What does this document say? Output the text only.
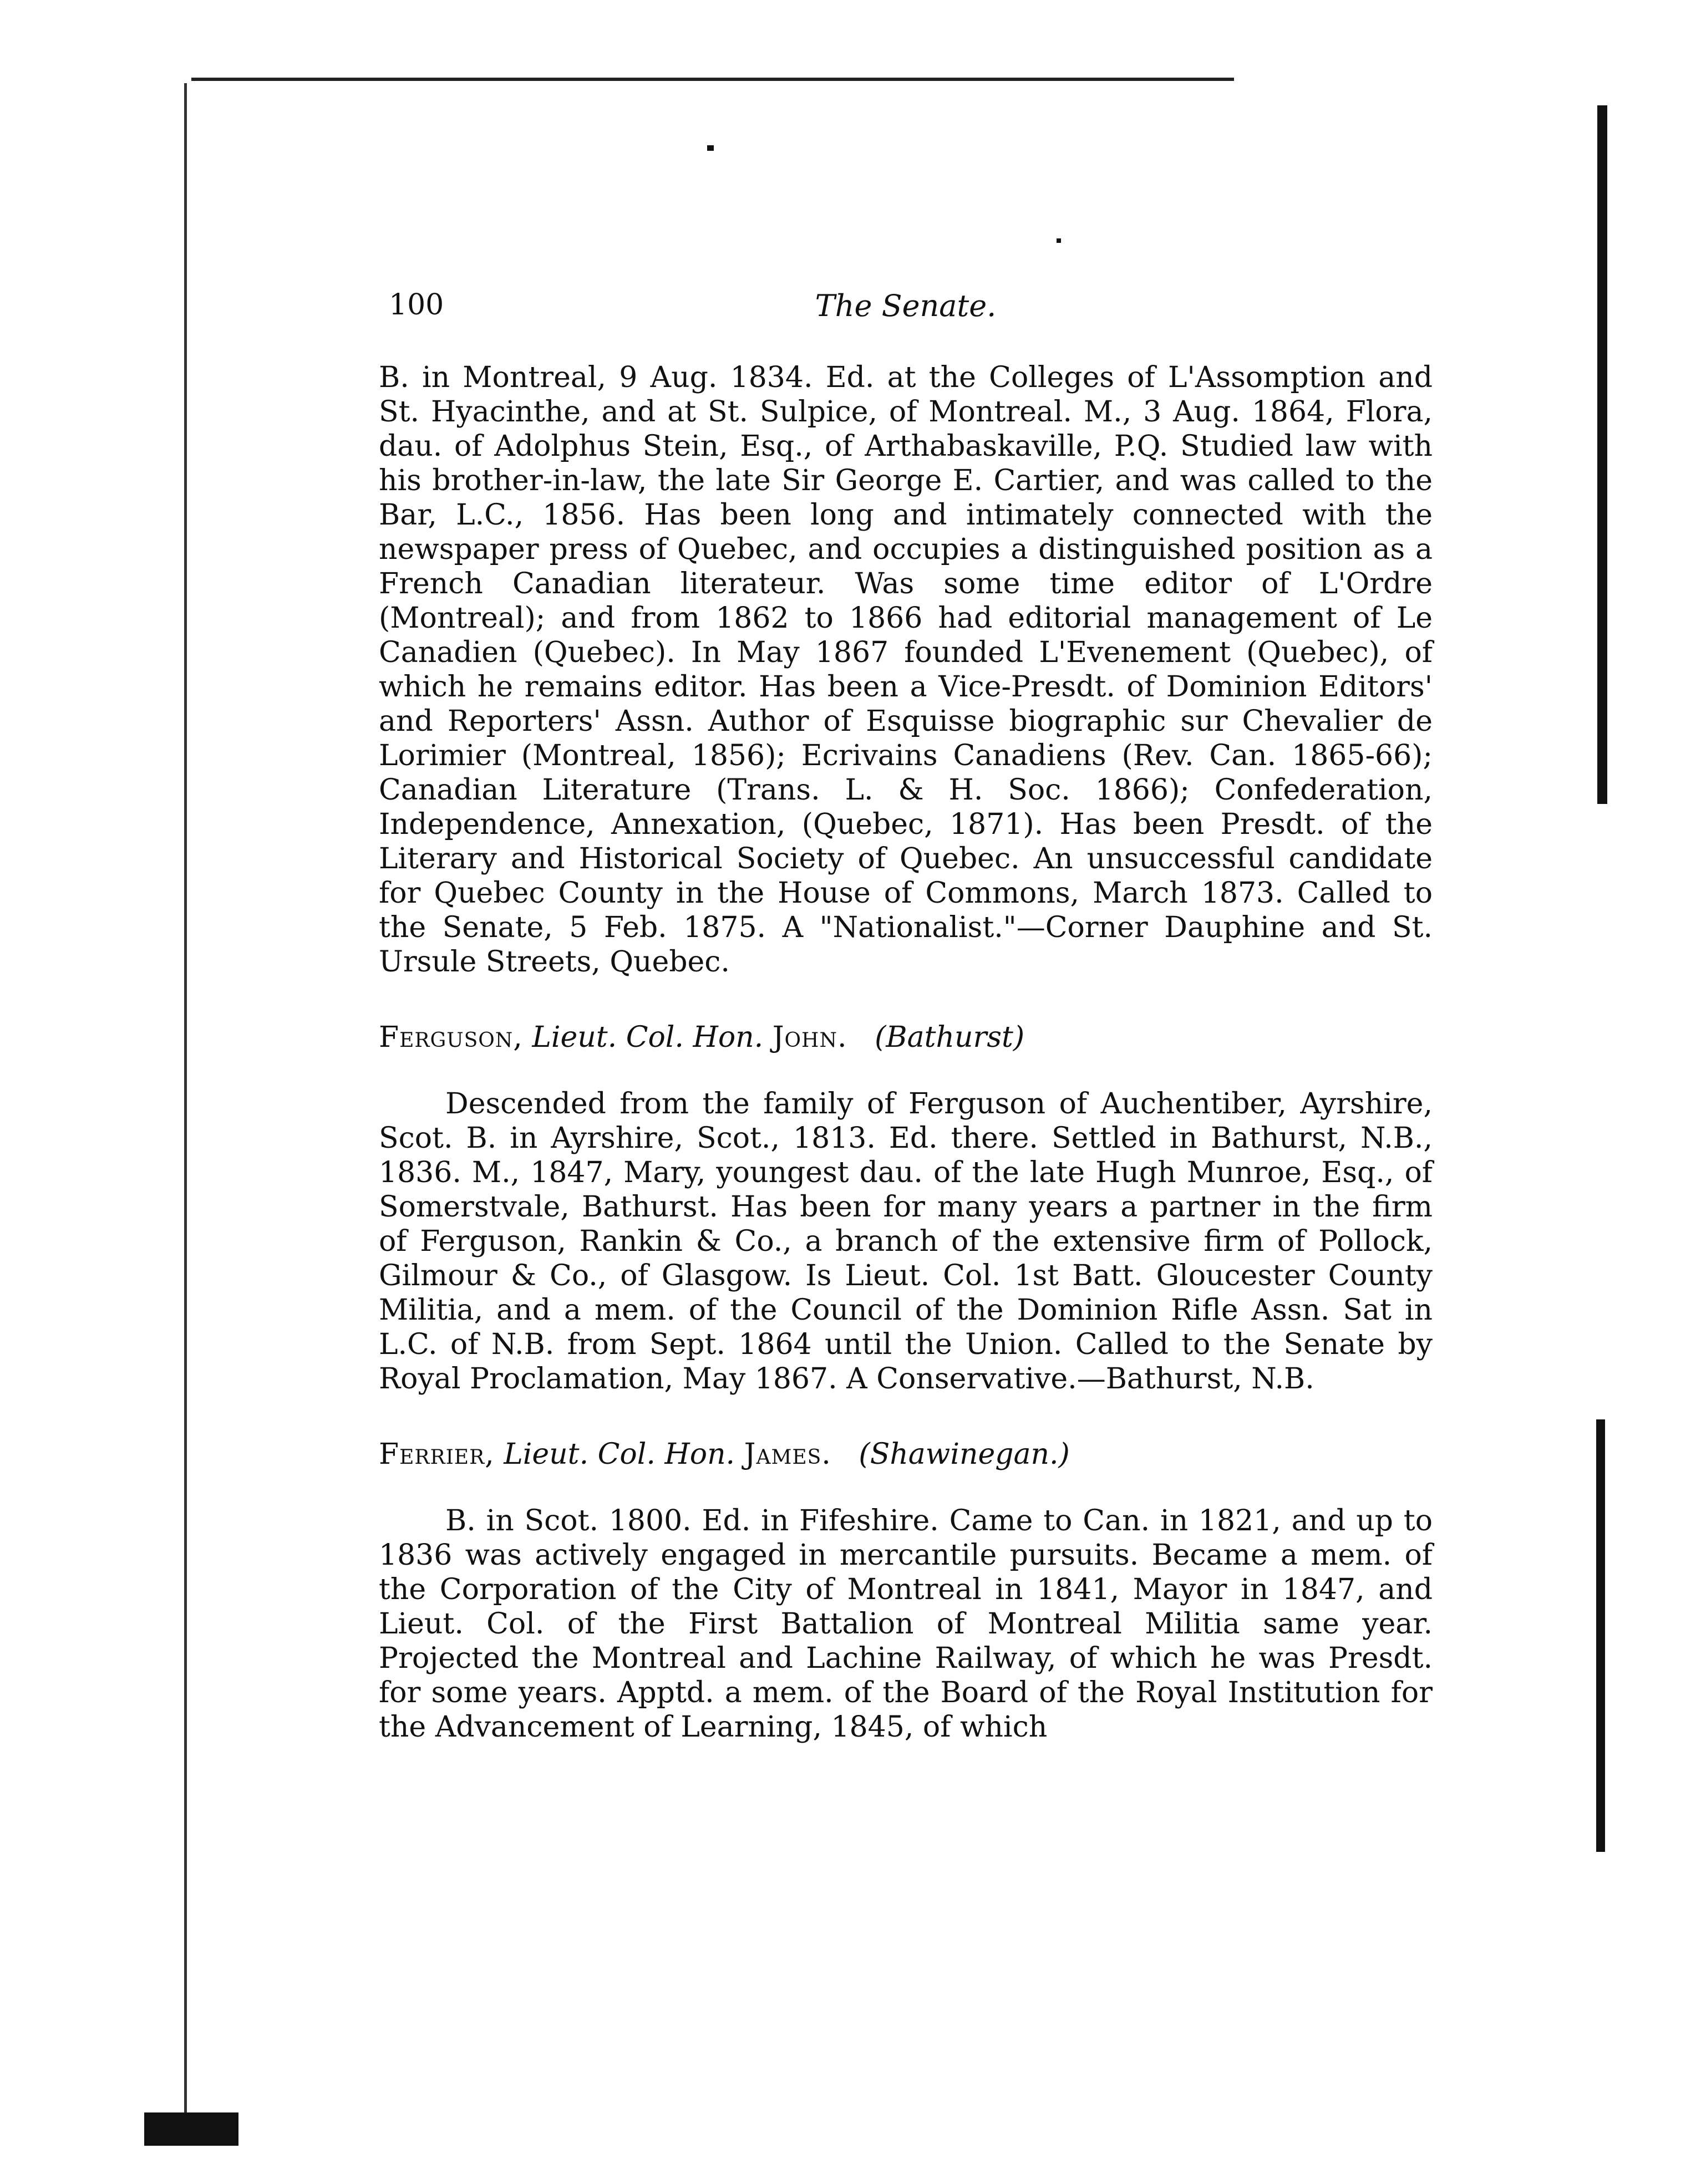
100	The Senate.

B. in Montreal, 9 Aug. 1834. Ed. at the Colleges of L'Assomption and St. Hyacinthe, and at St. Sulpice, of Montreal. M., 3 Aug. 1864, Flora, dau. of Adolphus Stein, Esq., of Arthabaskaville, P.Q. Studied law with his brother-in-law, the late Sir George E. Cartier, and was called to the Bar, L.C., 1856. Has been long and intimately connected with the newspaper press of Quebec, and occupies a distinguished position as a French Canadian literateur. Was some time editor of L'Ordre (Montreal); and from 1862 to 1866 had editorial management of Le Canadien (Quebec). In May 1867 founded L'Evenement (Quebec), of which he remains editor. Has been a Vice-Presdt. of Dominion Editors' and Reporters' Assn. Author of Esquisse biographic sur Chevalier de Lorimier (Montreal, 1856); Ecrivains Canadiens (Rev. Can. 1865-66); Canadian Literature (Trans. L. & H. Soc. 1866); Confederation, Independence, Annexation, (Quebec, 1871). Has been Presdt. of the Literary and Historical Society of Quebec. An unsuccessful candidate for Quebec County in the House of Commons, March 1873. Called to the Senate, 5 Feb. 1875. A "Nationalist."—Corner Dauphine and St. Ursule Streets, Quebec.

Ferguson, Lieut. Col. Hon. John. (Bathurst)

Descended from the family of Ferguson of Auchentiber, Ayrshire, Scot. B. in Ayrshire, Scot., 1813. Ed. there. Settled in Bathurst, N.B., 1836. M., 1847, Mary, youngest dau. of the late Hugh Munroe, Esq., of Somerstvale, Bathurst. Has been for many years a partner in the firm of Ferguson, Rankin & Co., a branch of the extensive firm of Pollock, Gilmour & Co., of Glasgow. Is Lieut. Col. 1st Batt. Gloucester County Militia, and a mem. of the Council of the Dominion Rifle Assn. Sat in L.C. of N.B. from Sept. 1864 until the Union. Called to the Senate by Royal Proclamation, May 1867. A Conservative.—Bathurst, N.B.

Ferrier, Lieut. Col. Hon. James. (Shawinegan.)

B. in Scot. 1800. Ed. in Fifeshire. Came to Can. in 1821, and up to 1836 was actively engaged in mercantile pursuits. Became a mem. of the Corporation of the City of Montreal in 1841, Mayor in 1847, and Lieut. Col. of the First Battalion of Montreal Militia same year. Projected the Montreal and Lachine Railway, of which he was Presdt. for some years. Apptd. a mem. of the Board of the Royal Institution for the Advancement of Learning, 1845, of which
